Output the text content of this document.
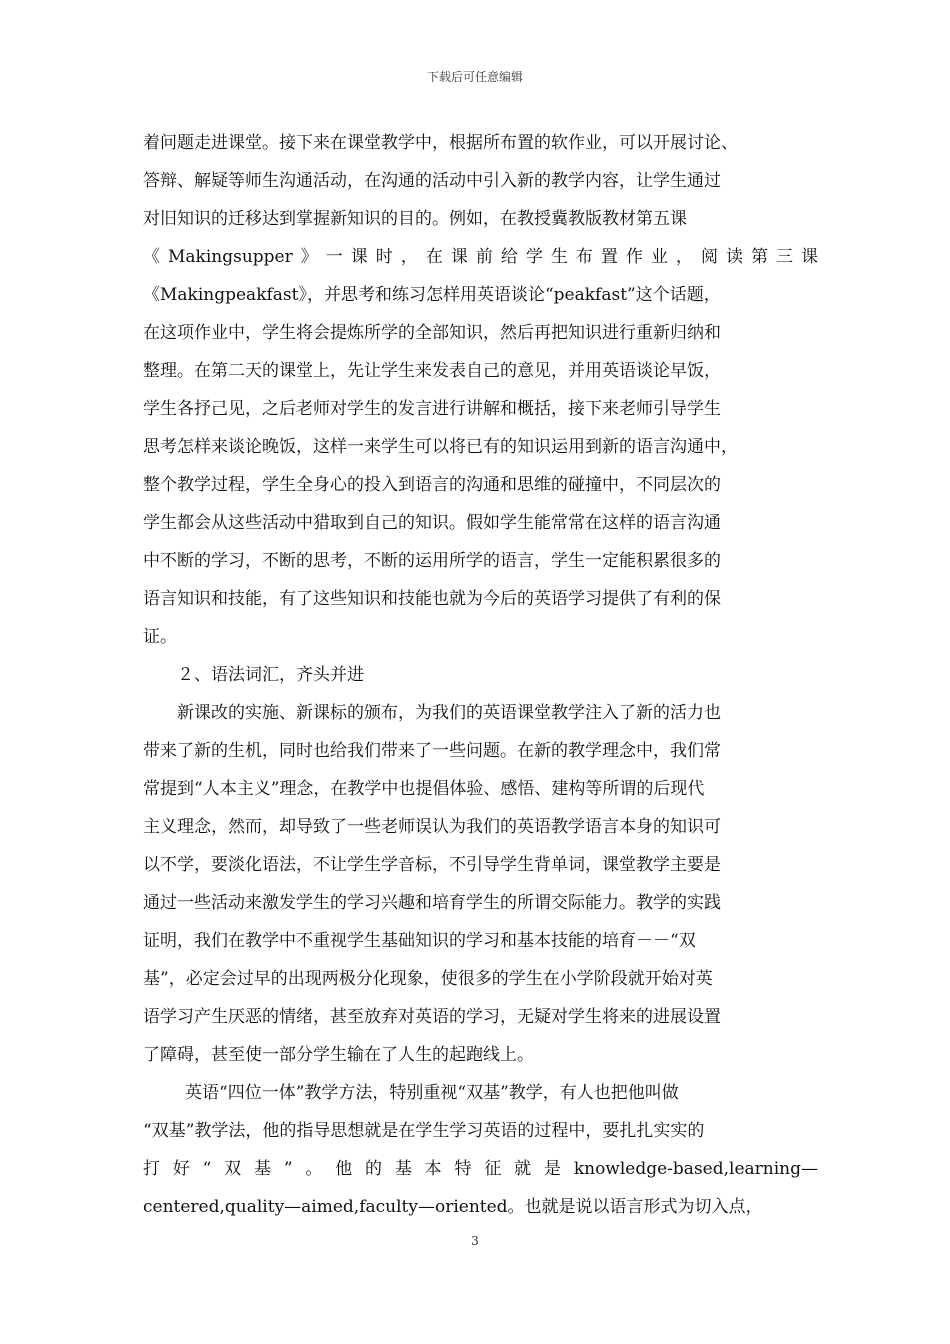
下载后可任意编辑
着问题走进课堂。接下来在课堂教学中，根据所布置的软作业，可以开展讨论、
答辩、解疑等师生沟通活动，在沟通的活动中引入新的教学内容，让学生通过
对旧知识的迁移达到掌握新知识的目的。例如，在教授冀教版教材第五课
《Makingsupper》一课时，在课前给学生布置作业，阅读第三课
《Makingpeakfast》，并思考和练习怎样用英语谈论“peakfast”这个话题，
在这项作业中，学生将会提炼所学的全部知识，然后再把知识进行重新归纳和
整理。在第二天的课堂上，先让学生来发表自己的意见，并用英语谈论早饭，
学生各抒己见，之后老师对学生的发言进行讲解和概括，接下来老师引导学生
思考怎样来谈论晚饭，这样一来学生可以将已有的知识运用到新的语言沟通中，
整个教学过程，学生全身心的投入到语言的沟通和思维的碰撞中，不同层次的
学生都会从这些活动中猎取到自己的知识。假如学生能常常在这样的语言沟通
中不断的学习，不断的思考，不断的运用所学的语言，学生一定能积累很多的
语言知识和技能，有了这些知识和技能也就为今后的英语学习提供了有利的保
证。
２、语法词汇，齐头并进
新课改的实施、新课标的颁布，为我们的英语课堂教学注入了新的活力也
带来了新的生机，同时也给我们带来了一些问题。在新的教学理念中，我们常
常提到“人本主义”理念，在教学中也提倡体验、感悟、建构等所谓的后现代
主义理念，然而，却导致了一些老师误认为我们的英语教学语言本身的知识可
以不学，要淡化语法，不让学生学音标，不引导学生背单词，课堂教学主要是
通过一些活动来激发学生的学习兴趣和培育学生的所谓交际能力。教学的实践
证明，我们在教学中不重视学生基础知识的学习和基本技能的培育－－“双
基”，必定会过早的出现两极分化现象，使很多的学生在小学阶段就开始对英
语学习产生厌恶的情绪，甚至放弃对英语的学习，无疑对学生将来的进展设置
了障碍，甚至使一部分学生输在了人生的起跑线上。
英语“四位一体”教学方法，特别重视“双基”教学，有人也把他叫做
“双基”教学法，他的指导思想就是在学生学习英语的过程中，要扎扎实实的
打好“双基”。他的基本特征就是knowledge-based,learning—
centered,quality—aimed,faculty—oriented。也就是说以语言形式为切入点，
3
